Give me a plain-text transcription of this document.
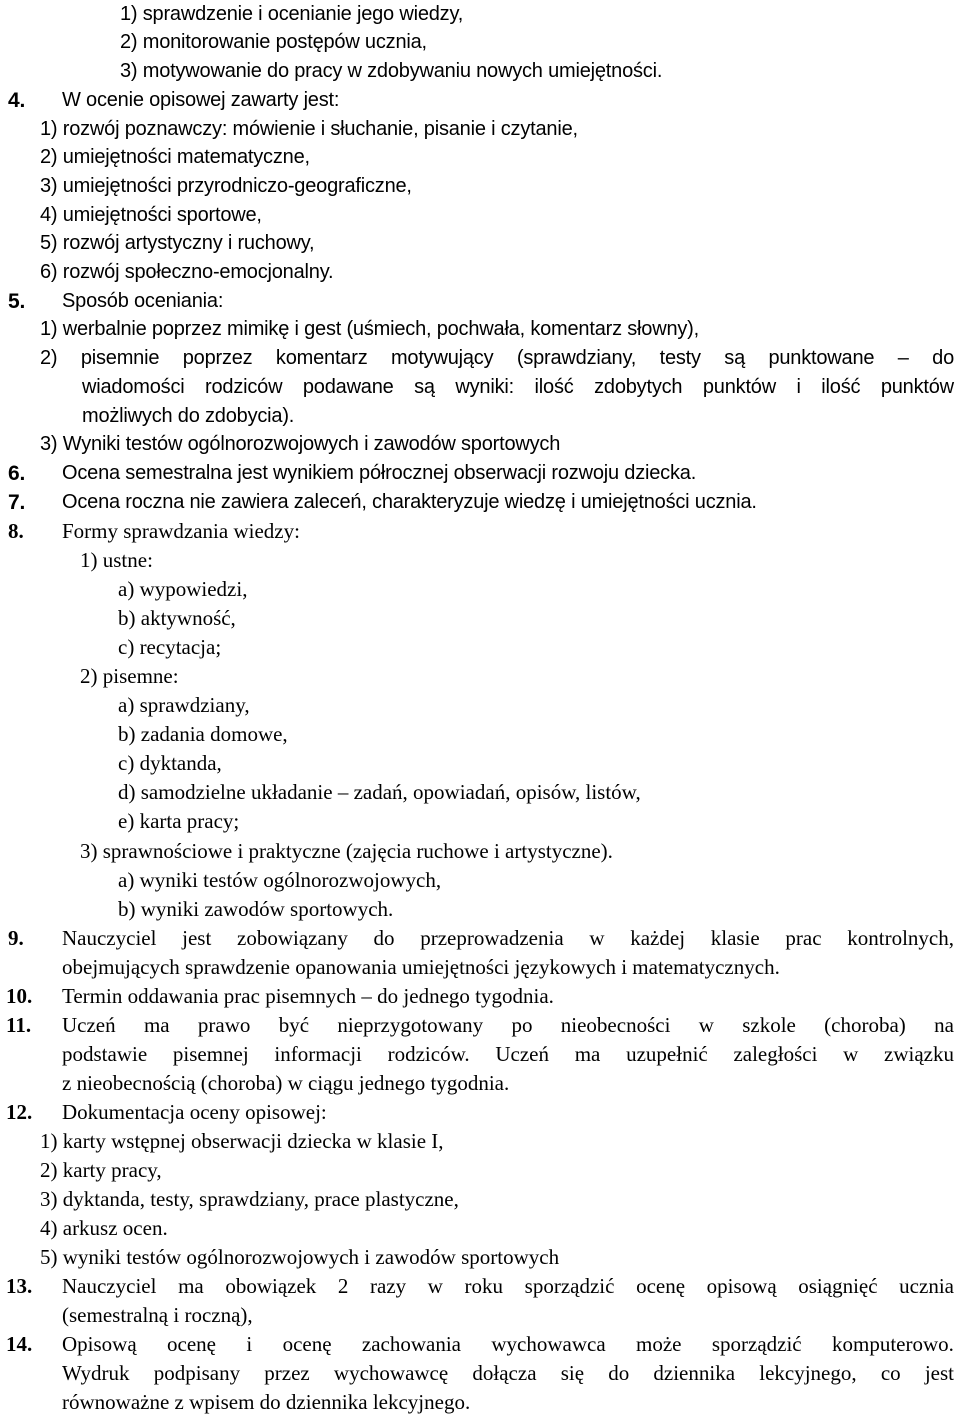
1) sprawdzenie i ocenianie jego wiedzy,
2) monitorowanie postępów ucznia,
3) motywowanie do pracy w zdobywaniu nowych umiejętności.
4. W ocenie opisowej zawarty jest:
1) rozwój poznawczy: mówienie i słuchanie, pisanie i czytanie,
2) umiejętności matematyczne,
3) umiejętności przyrodniczo-geograficzne,
4) umiejętności sportowe,
5) rozwój artystyczny i ruchowy,
6) rozwój społeczno-emocjonalny.
5. Sposób oceniania:
1) werbalnie poprzez mimikę i gest (uśmiech, pochwała, komentarz słowny),
2) pisemnie poprzez komentarz motywujący (sprawdziany, testy są punktowane – do
wiadomości rodziców podawane są wyniki: ilość zdobytych punktów i ilość punktów
możliwych do zdobycia).
3) Wyniki testów ogólnorozwojowych i zawodów sportowych
6. Ocena semestralna jest wynikiem półrocznej obserwacji rozwoju dziecka.
7. Ocena roczna nie zawiera zaleceń, charakteryzuje wiedzę i umiejętności ucznia.
8. Formy sprawdzania wiedzy:
1) ustne:
a) wypowiedzi,
b) aktywność,
c) recytacja;
2) pisemne:
a) sprawdziany,
b) zadania domowe,
c) dyktanda,
d) samodzielne układanie – zadań, opowiadań, opisów, listów,
e) karta pracy;
3) sprawnościowe i praktyczne (zajęcia ruchowe i artystyczne).
a) wyniki testów ogólnorozwojowych,
b) wyniki zawodów sportowych.
9. Nauczyciel jest zobowiązany do przeprowadzenia w każdej klasie prac kontrolnych,
obejmujących sprawdzenie opanowania umiejętności językowych i matematycznych.
10. Termin oddawania prac pisemnych – do jednego tygodnia.
11. Uczeń ma prawo być nieprzygotowany po nieobecności w szkole (choroba) na
podstawie pisemnej informacji rodziców. Uczeń ma uzupełnić zaległości w związku
z nieobecnością (choroba) w ciągu jednego tygodnia.
12. Dokumentacja oceny opisowej:
1) karty wstępnej obserwacji dziecka w klasie I,
2) karty pracy,
3) dyktanda, testy, sprawdziany, prace plastyczne,
4) arkusz ocen.
5) wyniki testów ogólnorozwojowych i zawodów sportowych
13. Nauczyciel ma obowiązek 2 razy w roku sporządzić ocenę opisową osiągnięć ucznia
(semestralną i roczną),
14. Opisową ocenę i ocenę zachowania wychowawca może sporządzić komputerowo.
Wydruk podpisany przez wychowawcę dołącza się do dziennika lekcyjnego, co jest
równoważne z wpisem do dziennika lekcyjnego.
